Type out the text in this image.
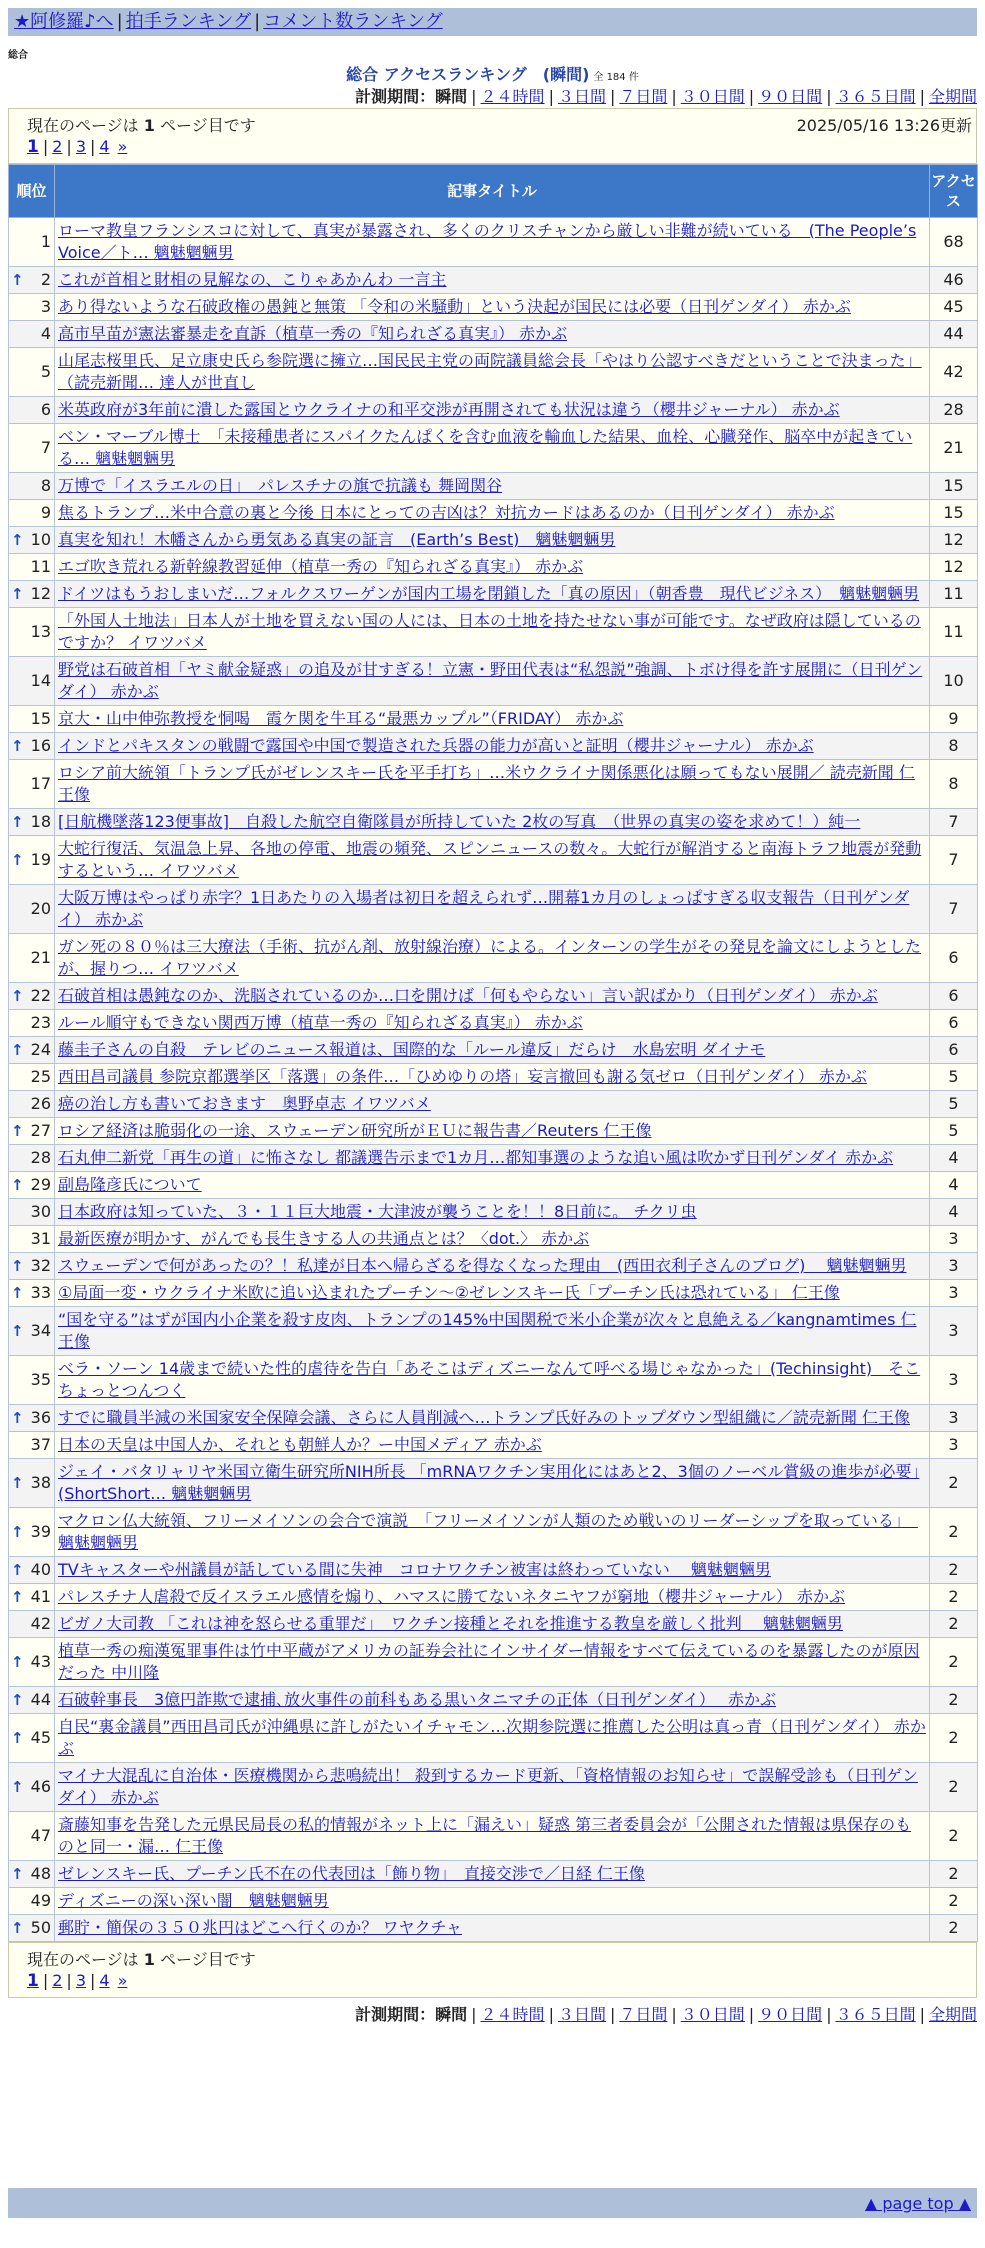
★阿修羅♪へ | 拍手ランキング | コメント数ランキング
総合
総合 アクセスランキング　(瞬間) 全 184 件
計測期間：瞬間 | ２４時間 | ３日間 | ７日間 | ３０日間 | ９０日間 | ３６５日間 | 全期間
現在のページは 1 ページ目です	2025/05/16 13:26更新
1 | 2 | 3 | 4 »
順位	記事タイトル	アクセス
1	ローマ教皇フランシスコに対して、真実が暴露され、多くのクリスチャンから厳しい非難が続いている　(The People’s Voice／ト… 魑魅魍魎男	68

↑ 2	これが首相と財相の見解なの、こりゃあかんわ 一言主	46
3	あり得ないような石破政権の愚鈍と無策 「令和の米騒動」という決起が国民には必要（日刊ゲンダイ） 赤かぶ	45
4	高市早苗が憲法審暴走を直訴（植草一秀の『知られざる真実』） 赤かぶ	44
5	山尾志桜里氏、足立康史氏ら参院選に擁立…国民民主党の両院議員総会長「やはり公認すべきだということで決まった」（読売新聞… 達人が世直し	42
6	米英政府が3年前に潰した露国とウクライナの和平交渉が再開されても状況は違う（櫻井ジャーナル） 赤かぶ	28
7	ベン・マーブル博士　「未接種患者にスパイクたんぱくを含む血液を輸血した結果、血栓、心臓発作、脳卒中が起きている… 魑魅魍魎男	21
8	万博で「イスラエルの日」　パレスチナの旗で抗議も 舞岡関谷	15
9	焦るトランプ…米中合意の裏と今後 日本にとっての吉凶は？対抗カードはあるのか（日刊ゲンダイ） 赤かぶ	15

↑ 10	真実を知れ！木幡さんから勇気ある真実の証言　(Earth’s Best)　魑魅魍魎男	12
11	エゴ吹き荒れる新幹線教習延伸（植草一秀の『知られざる真実』） 赤かぶ	12

↑ 12	ドイツはもうおしまいだ…フォルクスワーゲンが国内工場を閉鎖した「真の原因」（朝香豊　現代ビジネス）　魑魅魍魎男	11
13	「外国人土地法」日本人が土地を買えない国の人には、日本の土地を持たせない事が可能です。なぜ政府は隠しているのですか？ イワツバメ	11
14	野党は石破首相「ヤミ献金疑惑」の追及が甘すぎる！立憲・野田代表は“私怨説”強調、トボけ得を許す展開に（日刊ゲンダイ） 赤かぶ	10
15	京大・山中伸弥教授を恫喝　霞ケ関を牛耳る“最悪カップル”（FRIDAY） 赤かぶ	9

↑ 16	インドとパキスタンの戦闘で露国や中国で製造された兵器の能力が高いと証明（櫻井ジャーナル） 赤かぶ	8
17	ロシア前大統領「トランプ氏がゼレンスキー氏を平手打ち」…米ウクライナ関係悪化は願ってもない展開／ 読売新聞 仁王像	8

↑ 18	[日航機墜落123便事故]　自殺した航空自衛隊員が所持していた 2枚の写真　（世界の真実の姿を求めて！）純一	7

↑ 19	大蛇行復活、気温急上昇、各地の停電、地震の頻発、スピンニュースの数々。大蛇行が解消すると南海トラフ地震が発動するという… イワツバメ	7
20	大阪万博はやっぱり赤字？1日あたりの入場者は初日を超えられず…開幕1カ月のしょっぱすぎる収支報告（日刊ゲンダイ） 赤かぶ	7
21	ガン死の８０％は三大療法（手術、抗がん剤、放射線治療）による。インターンの学生がその発見を論文にしようとしたが、握りつ… イワツバメ	6

↑ 22	石破首相は愚鈍なのか、洗脳されているのか…口を開けば「何もやらない」言い訳ばかり（日刊ゲンダイ） 赤かぶ	6
23	ルール順守もできない関西万博（植草一秀の『知られざる真実』） 赤かぶ	6

↑ 24	藤圭子さんの自殺　テレビのニュース報道は、国際的な「ルール違反」だらけ　水島宏明 ダイナモ	6
25	西田昌司議員 参院京都選挙区「落選」の条件…「ひめゆりの塔」妄言撤回も謝る気ゼロ（日刊ゲンダイ） 赤かぶ	5
26	癌の治し方も書いておきます　奥野卓志 イワツバメ	5

↑ 27	ロシア経済は脆弱化の一途、スウェーデン研究所がＥＵに報告書／Reuters 仁王像	5
28	石丸伸二新党「再生の道」に怖さなし 都議選告示まで1カ月…都知事選のような追い風は吹かず日刊ゲンダイ 赤かぶ	4

↑ 29	副島隆彦氏について	4
30	日本政府は知っていた、３・１１巨大地震・大津波が襲うことを！！8日前に。 チクリ虫	4
31	最新医療が明かす、がんでも長生きする人の共通点とは？〈dot.〉 赤かぶ	3

↑ 32	スウェーデンで何があったの？！私達が日本へ帰らざるを得なくなった理由　(西田衣利子さんのブログ)　 魑魅魍魎男	3

↑ 33	①局面一変・ウクライナ米欧に追い込まれたプーチン～②ゼレンスキー氏「プーチン氏は恐れている」 仁王像	3

↑ 34	“国を守る”はずが国内小企業を殺す皮肉、トランプの145%中国関税で米小企業が次々と息絶える／kangnamtimes 仁王像	3
35	ベラ・ソーン 14歳まで続いた性的虐待を告白「あそこはディズニーなんて呼べる場じゃなかった」(Techinsight)　そこちょっとつんつく	3

↑ 36	すでに職員半減の米国家安全保障会議、さらに人員削減へ…トランプ氏好みのトップダウン型組織に／読売新聞 仁王像	3
37	日本の天皇は中国人か、それとも朝鮮人か？ー中国メディア 赤かぶ	3

↑ 38	ジェイ・バタリャリヤ米国立衛生研究所NIH所長 「mRNAワクチン実用化にはあと2、3個のノーベル賞級の進歩が必要」(ShortShort… 魑魅魍魎男	2

↑ 39	マクロン仏大統領、フリーメイソンの会合で演説　「フリーメイソンが人類のため戦いのリーダーシップを取っている」　魑魅魍魎男	2

↑ 40	TVキャスターや州議員が話している間に失神　コロナワクチン被害は終わっていない　 魑魅魍魎男	2

↑ 41	パレスチナ人虐殺で反イスラエル感情を煽り、ハマスに勝てないネタニヤフが窮地（櫻井ジャーナル） 赤かぶ	2
42	ビガノ大司教 「これは神を怒らせる重罪だ」　ワクチン接種とそれを推進する教皇を厳しく批判　 魑魅魍魎男	2

↑ 43	植草一秀の痴漢冤罪事件は竹中平蔵がアメリカの証券会社にインサイダー情報をすべて伝えているのを暴露したのが原因だった 中川隆	2

↑ 44	石破幹事長　3億円詐欺で逮捕､放火事件の前科もある黒いタニマチの正体（日刊ゲンダイ）　 赤かぶ	2

↑ 45	自民“裏金議員”西田昌司氏が沖縄県に許しがたいイチャモン…次期参院選に推薦した公明は真っ青（日刊ゲンダイ） 赤かぶ	2

↑ 46	マイナ大混乱に自治体・医療機関から悲鳴続出！ 殺到するカード更新、「資格情報のお知らせ」で誤解受診も（日刊ゲンダイ） 赤かぶ	2
47	斎藤知事を告発した元県民局長の私的情報がネット上に「漏えい」疑惑 第三者委員会が「公開された情報は県保存のものと同一・漏… 仁王像	2

↑ 48	ゼレンスキー氏、プーチン氏不在の代表団は「飾り物」　直接交渉で／日経 仁王像	2
49	ディズニーの深い深い闇　魑魅魍魎男	2

↑ 50	郵貯・簡保の３５０兆円はどこへ行くのか？ ワヤクチャ	2
現在のページは 1 ページ目です
1 | 2 | 3 | 4 »
計測期間：瞬間 | ２４時間 | ３日間 | ７日間 | ３０日間 | ９０日間 | ３６５日間 | 全期間
▲ page top ▲
